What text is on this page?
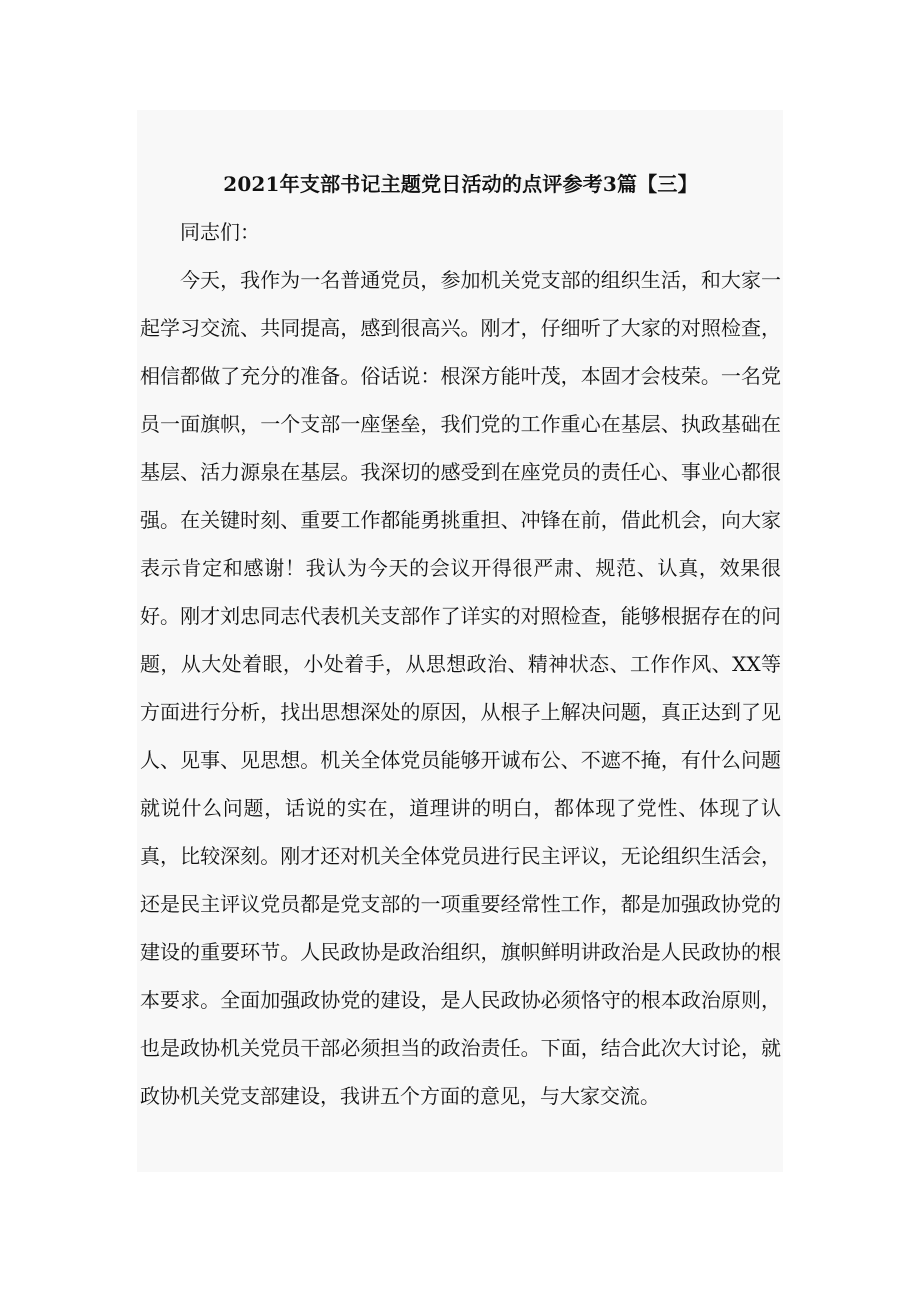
2021年支部书记主题党日活动的点评参考3篇【三】

同志们：

今天，我作为一名普通党员，参加机关党支部的组织生活，和大家一起学习交流、共同提高，感到很高兴。刚才，仔细听了大家的对照检查，相信都做了充分的准备。俗话说：根深方能叶茂，本固才会枝荣。一名党员一面旗帜，一个支部一座堡垒，我们党的工作重心在基层、执政基础在基层、活力源泉在基层。我深切的感受到在座党员的责任心、事业心都很强。在关键时刻、重要工作都能勇挑重担、冲锋在前，借此机会，向大家表示肯定和感谢！我认为今天的会议开得很严肃、规范、认真，效果很好。刚才刘忠同志代表机关支部作了详实的对照检查，能够根据存在的问题，从大处着眼，小处着手，从思想政治、精神状态、工作作风、XX等方面进行分析，找出思想深处的原因，从根子上解决问题，真正达到了见人、见事、见思想。机关全体党员能够开诚布公、不遮不掩，有什么问题就说什么问题，话说的实在，道理讲的明白，都体现了党性、体现了认真，比较深刻。刚才还对机关全体党员进行民主评议，无论组织生活会，还是民主评议党员都是党支部的一项重要经常性工作，都是加强政协党的建设的重要环节。人民政协是政治组织，旗帜鲜明讲政治是人民政协的根本要求。全面加强政协党的建设，是人民政协必须恪守的根本政治原则，也是政协机关党员干部必须担当的政治责任。下面，结合此次大讨论，就政协机关党支部建设，我讲五个方面的意见，与大家交流。
